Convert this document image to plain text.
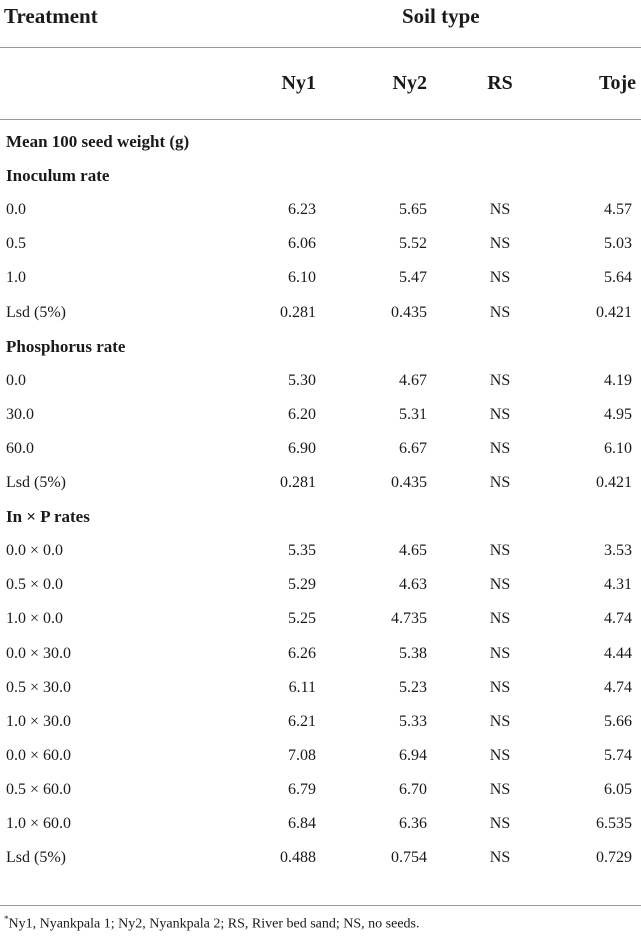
Treatment	Soil type
Ny1	Ny2	RS	Toje
Mean 100 seed weight (g)
Inoculum rate
0.0	6.23	5.65	NS	4.57
0.5	6.06	5.52	NS	5.03
1.0	6.10	5.47	NS	5.64
Lsd (5%)	0.281	0.435	NS	0.421
Phosphorus rate
0.0	5.30	4.67	NS	4.19
30.0	6.20	5.31	NS	4.95
60.0	6.90	6.67	NS	6.10
Lsd (5%)	0.281	0.435	NS	0.421
In × P rates
0.0 × 0.0	5.35	4.65	NS	3.53
0.5 × 0.0	5.29	4.63	NS	4.31
1.0 × 0.0	5.25	4.735	NS	4.74
0.0 × 30.0	6.26	5.38	NS	4.44
0.5 × 30.0	6.11	5.23	NS	4.74
1.0 × 30.0	6.21	5.33	NS	5.66
0.0 × 60.0	7.08	6.94	NS	5.74
0.5 × 60.0	6.79	6.70	NS	6.05
1.0 × 60.0	6.84	6.36	NS	6.535
Lsd (5%)	0.488	0.754	NS	0.729
*Ny1, Nyankpala 1; Ny2, Nyankpala 2; RS, River bed sand; NS, no seeds.
